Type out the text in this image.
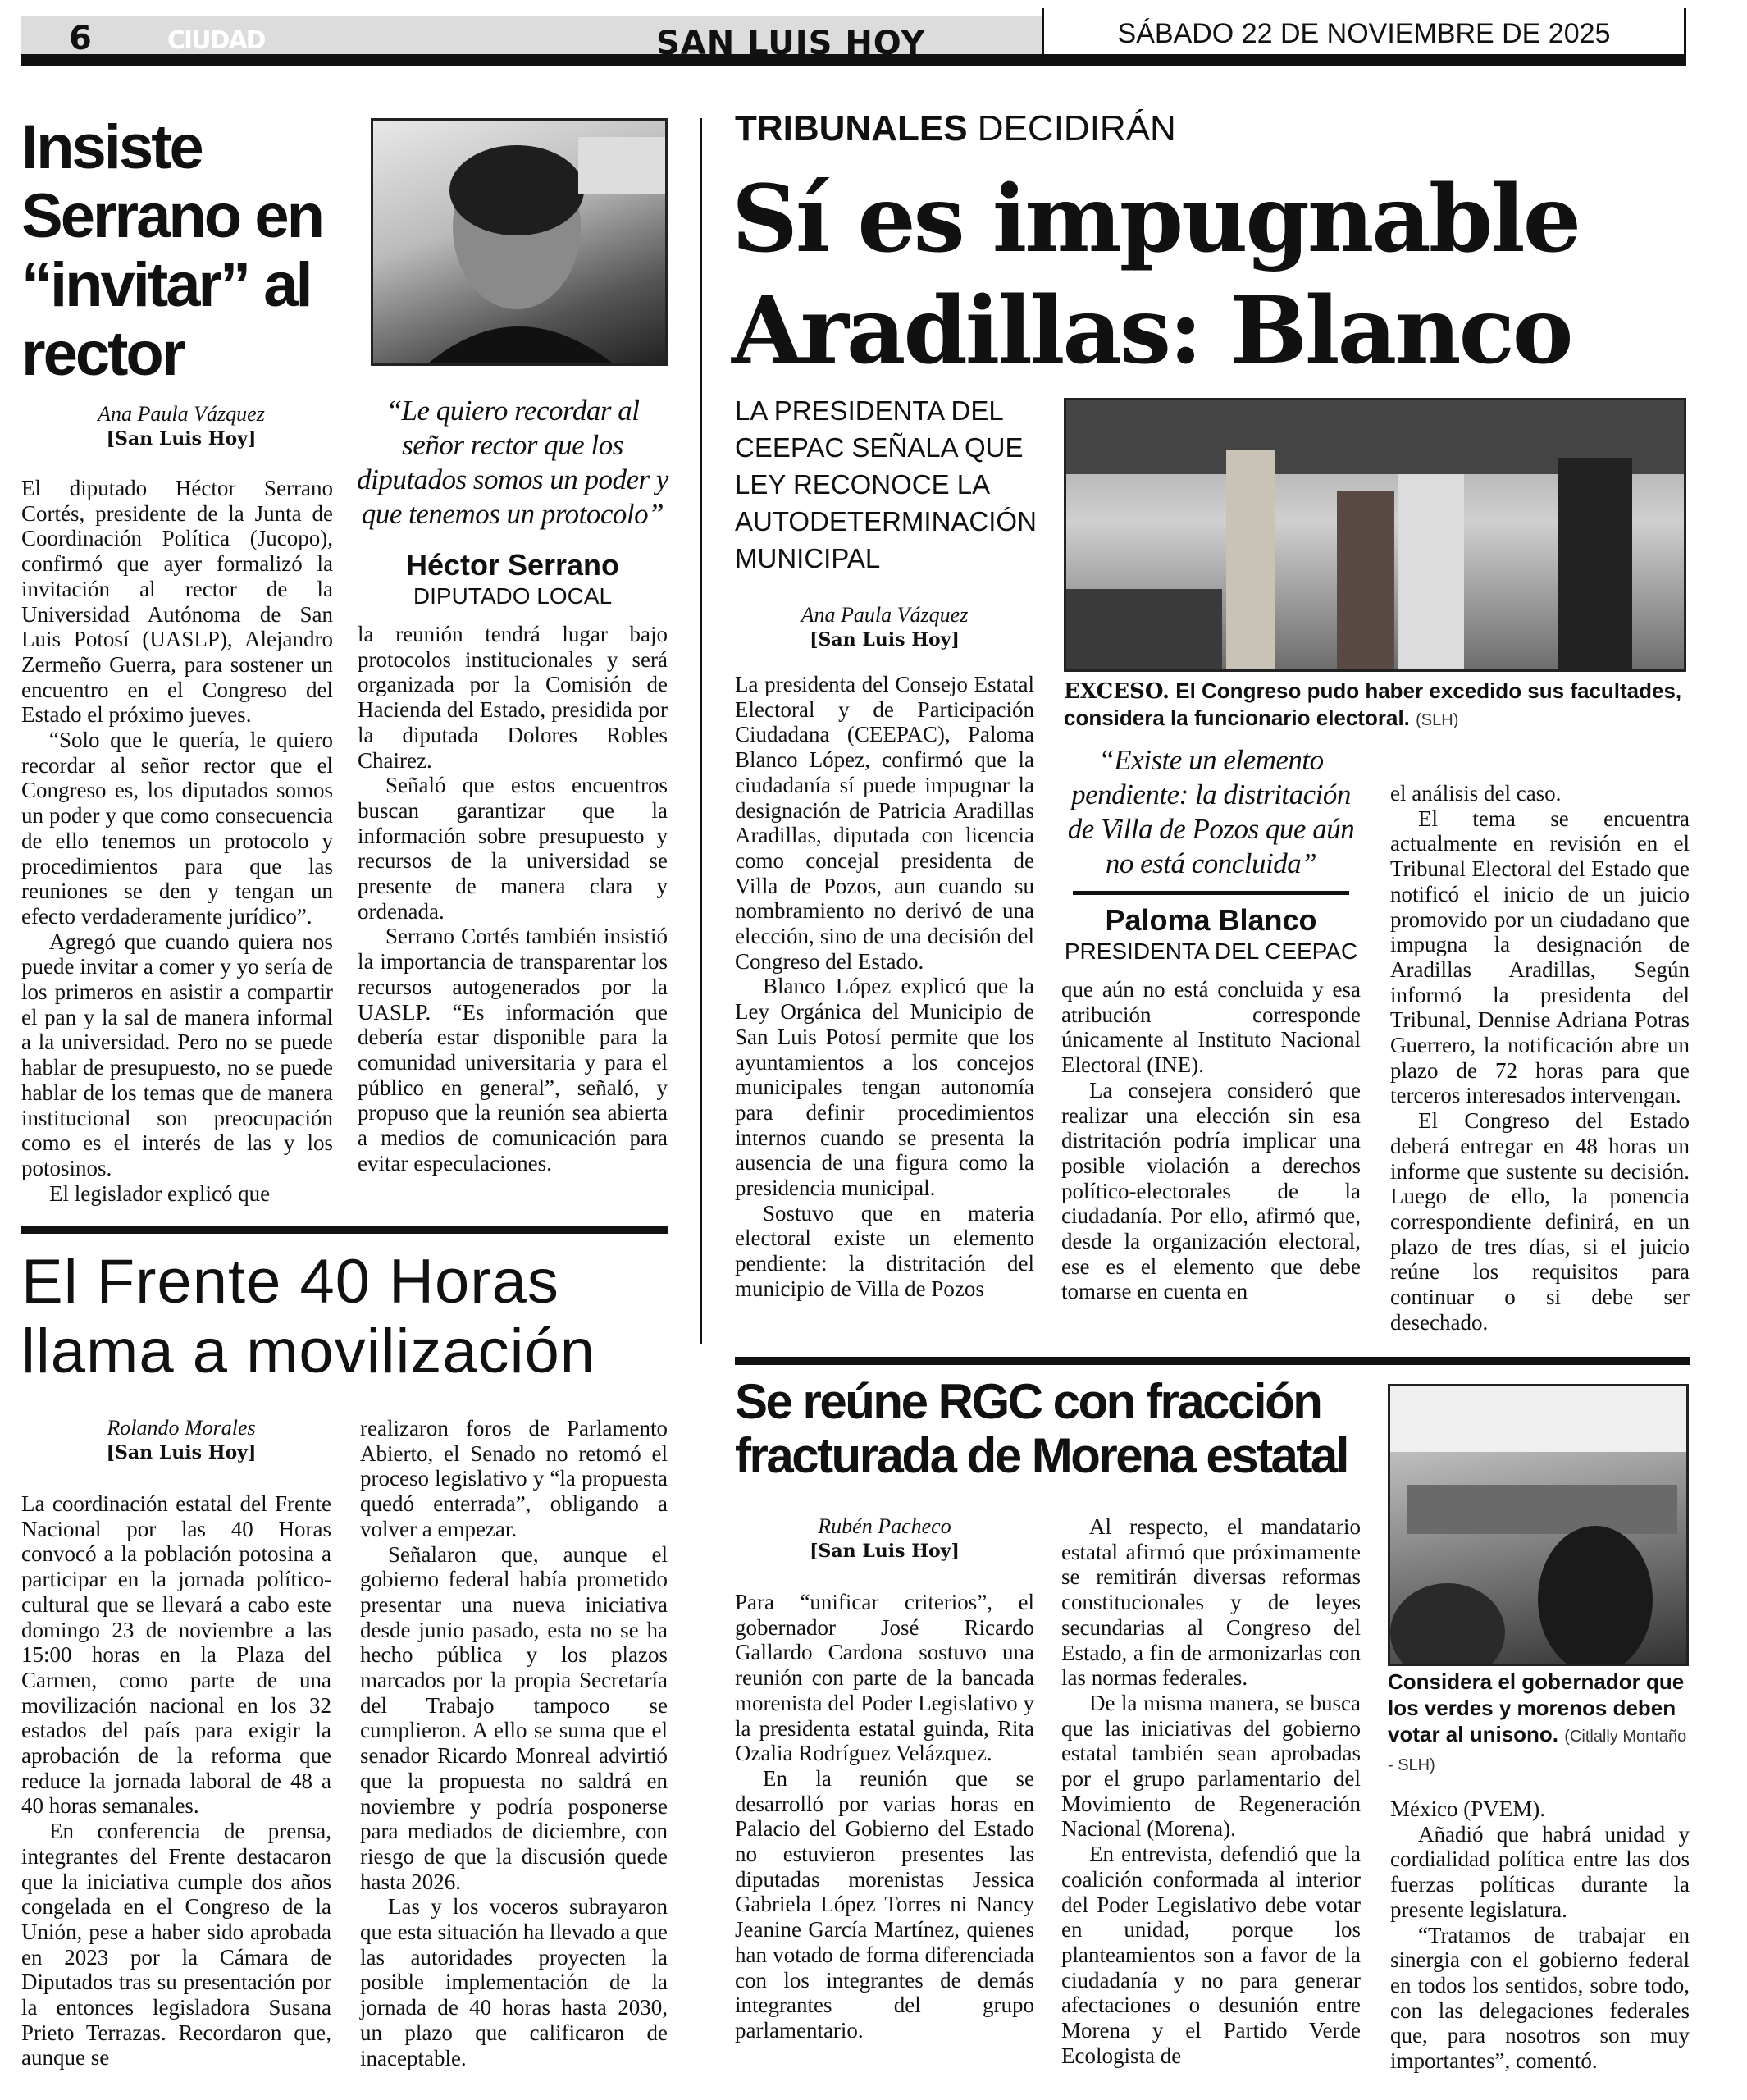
SÁBADO 22 DE NOVIEMBRE DE 2025
6	CIUDAD	SAN LUIS HOY
Insiste Serrano en “invitar” al rector
Ana Paula Vázquez
[San Luis Hoy]

El diputado Héctor Serrano Cortés, presidente de la Junta de Coordinación Política (Jucopo), confirmó que ayer formalizó la invitación al rector de la Universidad Autónoma de San Luis Potosí (UASLP), Alejandro Zermeño Guerra, para sostener un encuentro en el Congreso del Estado el próximo jueves.

“Solo que le quería, le quiero recordar al señor rector que el Congreso es, los diputados somos un poder y que como consecuencia de ello tenemos un protocolo y procedimientos para que las reuniones se den y tengan un efecto verdaderamente jurídico”.

Agregó que cuando quiera nos puede invitar a comer y yo sería de los primeros en asistir a compartir el pan y la sal de manera informal a la universidad. Pero no se puede hablar de presupuesto, no se puede hablar de los temas que de manera institucional son preocupación como es el interés de las y los potosinos.

El legislador explicó que

“Le quiero recordar al señor rector que los diputados somos un poder y que tenemos un protocolo”
Héctor Serrano
DIPUTADO LOCAL

la reunión tendrá lugar bajo protocolos institucionales y será organizada por la Comisión de Hacienda del Estado, presidida por la diputada Dolores Robles Chairez.

Señaló que estos encuentros buscan garantizar que la información sobre presupuesto y recursos de la universidad se presente de manera clara y ordenada.

Serrano Cortés también insistió la importancia de transparentar los recursos autogenerados por la UASLP. “Es información que debería estar disponible para la comunidad universitaria y para el público en general”, señaló, y propuso que la reunión sea abierta a medios de comunicación para evitar especulaciones.

El Frente 40 Horas llama a movilización
Rolando Morales
[San Luis Hoy]

La coordinación estatal del Frente Nacional por las 40 Horas convocó a la población potosina a participar en la jornada político-cultural que se llevará a cabo este domingo 23 de noviembre a las 15:00 horas en la Plaza del Carmen, como parte de una movilización nacional en los 32 estados del país para exigir la aprobación de la reforma que reduce la jornada laboral de 48 a 40 horas semanales.

En conferencia de prensa, integrantes del Frente destacaron que la iniciativa cumple dos años congelada en el Congreso de la Unión, pese a haber sido aprobada en 2023 por la Cámara de Diputados tras su presentación por la entonces legisladora Susana Prieto Terrazas. Recordaron que, aunque se

realizaron foros de Parlamento Abierto, el Senado no retomó el proceso legislativo y “la propuesta quedó enterrada”, obligando a volver a empezar.

Señalaron que, aunque el gobierno federal había prometido presentar una nueva iniciativa desde junio pasado, esta no se ha hecho pública y los plazos marcados por la propia Secretaría del Trabajo tampoco se cumplieron. A ello se suma que el senador Ricardo Monreal advirtió que la propuesta no saldrá en noviembre y podría posponerse para mediados de diciembre, con riesgo de que la discusión quede hasta 2026.

Las y los voceros subrayaron que esta situación ha llevado a que las autoridades proyecten la posible implementación de la jornada de 40 horas hasta 2030, un plazo que calificaron de inaceptable.

TRIBUNALES DECIDIRÁN
Sí es impugnable
Aradillas: Blanco
LA PRESIDENTA DEL CEEPAC SEÑALA QUE LEY RECONOCE LA AUTODETERMINACIÓN MUNICIPAL
Ana Paula Vázquez
[San Luis Hoy]

La presidenta del Consejo Estatal Electoral y de Participación Ciudadana (CEEPAC), Paloma Blanco López, confirmó que la ciudadanía sí puede impugnar la designación de Patricia Aradillas Aradillas, diputada con licencia como concejal presidenta de Villa de Pozos, aun cuando su nombramiento no derivó de una elección, sino de una decisión del Congreso del Estado.

Blanco López explicó que la Ley Orgánica del Municipio de San Luis Potosí permite que los ayuntamientos a los concejos municipales tengan autonomía para definir procedimientos internos cuando se presenta la ausencia de una figura como la presidencia municipal.

Sostuvo que en materia electoral existe un elemento pendiente: la distritación del municipio de Villa de Pozos

EXCESO. El Congreso pudo haber excedido sus facultades, considera la funcionario electoral. (SLH)
“Existe un elemento pendiente: la distritación de Villa de Pozos que aún no está concluida”
Paloma Blanco
PRESIDENTA DEL CEEPAC

que aún no está concluida y esa atribución corresponde únicamente al Instituto Nacional Electoral (INE).

La consejera consideró que realizar una elección sin esa distritación podría implicar una posible violación a derechos político-electorales de la ciudadanía. Por ello, afirmó que, desde la organización electoral, ese es el elemento que debe tomarse en cuenta en

el análisis del caso.

El tema se encuentra actualmente en revisión en el Tribunal Electoral del Estado que notificó el inicio de un juicio promovido por un ciudadano que impugna la designación de Aradillas Aradillas, Según informó la presidenta del Tribunal, Dennise Adriana Potras Guerrero, la notificación abre un plazo de 72 horas para que terceros interesados intervengan.

El Congreso del Estado deberá entregar en 48 horas un informe que sustente su decisión. Luego de ello, la ponencia correspondiente definirá, en un plazo de tres días, si el juicio reúne los requisitos para continuar o si debe ser desechado.

Se reúne RGC con fracción fracturada de Morena estatal
Rubén Pacheco
[San Luis Hoy]

Para “unificar criterios”, el gobernador José Ricardo Gallardo Cardona sostuvo una reunión con parte de la bancada morenista del Poder Legislativo y la presidenta estatal guinda, Rita Ozalia Rodríguez Velázquez.

En la reunión que se desarrolló por varias horas en Palacio del Gobierno del Estado no estuvieron presentes las diputadas morenistas Jessica Gabriela López Torres ni Nancy Jeanine García Martínez, quienes han votado de forma diferenciada con los integrantes de demás integrantes del grupo parlamentario.

Considera el gobernador que los verdes y morenos deben votar al unisono. (Citlally Montaño - SLH)

México (PVEM).

Añadió que habrá unidad y cordialidad política entre las dos fuerzas políticas durante la presente legislatura.

“Tratamos de trabajar en sinergia con el gobierno federal en todos los sentidos, sobre todo, con las delegaciones federales que, para nosotros son muy importantes”, comentó.

Al respecto, el mandatario estatal afirmó que próximamente se remitirán diversas reformas constitucionales y de leyes secundarias al Congreso del Estado, a fin de armonizarlas con las normas federales.

De la misma manera, se busca que las iniciativas del gobierno estatal también sean aprobadas por el grupo parlamentario del Movimiento de Regeneración Nacional (Morena).

En entrevista, defendió que la coalición conformada al interior del Poder Legislativo debe votar en unidad, porque los planteamientos son a favor de la ciudadanía y no para generar afectaciones o desunión entre Morena y el Partido Verde Ecologista de
